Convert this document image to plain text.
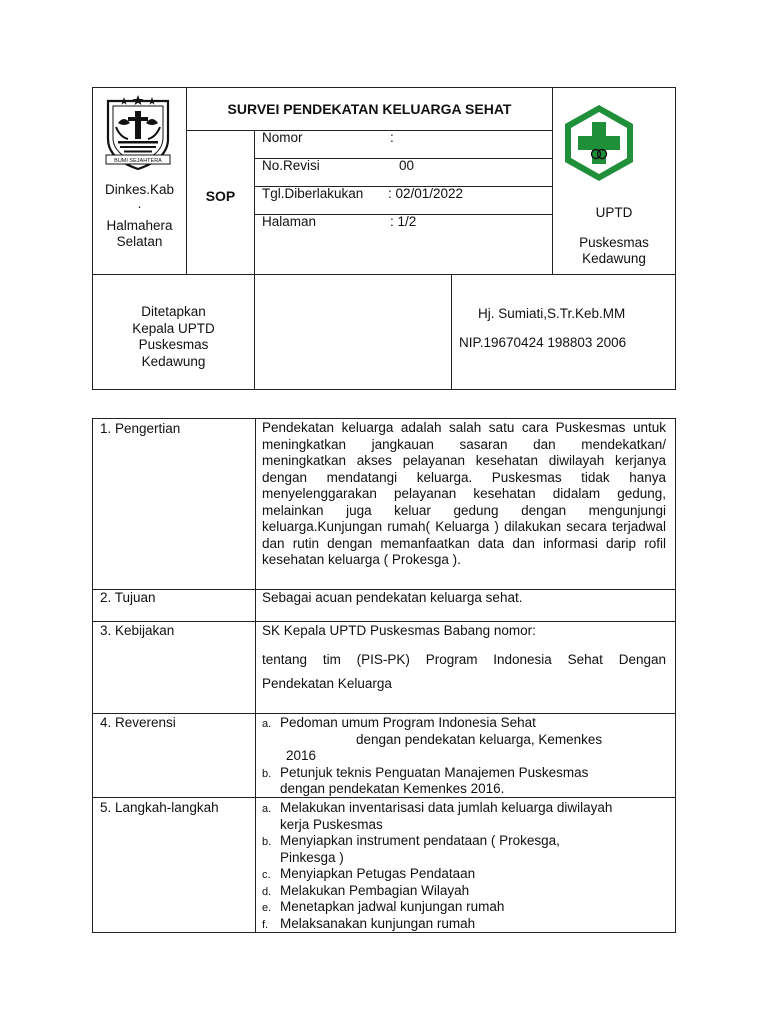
BUMI SEJAHTERA
Dinkes.Kab
.
Halmahera
Selatan
SURVEI PENDEKATAN KELUARGA SEHAT
SOP
Nomor	:
No.Revisi	00
Tgl.Diberlakukan : 02/01/2022
Halaman	: 1/2
UPTD
Puskesmas
Kedawung
Ditetapkan
Kepala UPTD
Puskesmas
Kedawung
Hj. Sumiati,S.Tr.Keb.MM
NIP.19670424 198803 2006
1. Pengertian	Pendekatan keluarga adalah salah satu cara Puskesmas untuk meningkatkan jangkauan sasaran dan mendekatkan/ meningkatkan akses pelayanan kesehatan diwilayah kerjanya dengan mendatangi keluarga. Puskesmas tidak hanya menyelenggarakan pelayanan kesehatan didalam gedung, melainkan juga keluar gedung dengan mengunjungi keluarga.Kunjungan rumah( Keluarga ) dilakukan secara terjadwal dan rutin dengan memanfaatkan data dan informasi darip rofil kesehatan keluarga ( Prokesga ).
2. Tujuan	Sebagai acuan pendekatan keluarga sehat.
3. Kebijakan	SK Kepala UPTD Puskesmas Babang nomor:
tentang tim (PIS-PK) Program Indonesia Sehat Dengan Pendekatan Keluarga
4. Reverensi	a. Pedoman umum Program Indonesia Sehat
dengan pendekatan keluarga, Kemenkes
2016
b. Petunjuk teknis Penguatan Manajemen Puskesmas
dengan pendekatan Kemenkes 2016.
5. Langkah-langkah	a. Melakukan inventarisasi data jumlah keluarga diwilayah kerja Puskesmas
b. Menyiapkan instrument pendataan ( Prokesga, Pinkesga )
c. Menyiapkan Petugas Pendataan
d. Melakukan Pembagian Wilayah
e. Menetapkan jadwal kunjungan rumah
f. Melaksanakan kunjungan rumah
